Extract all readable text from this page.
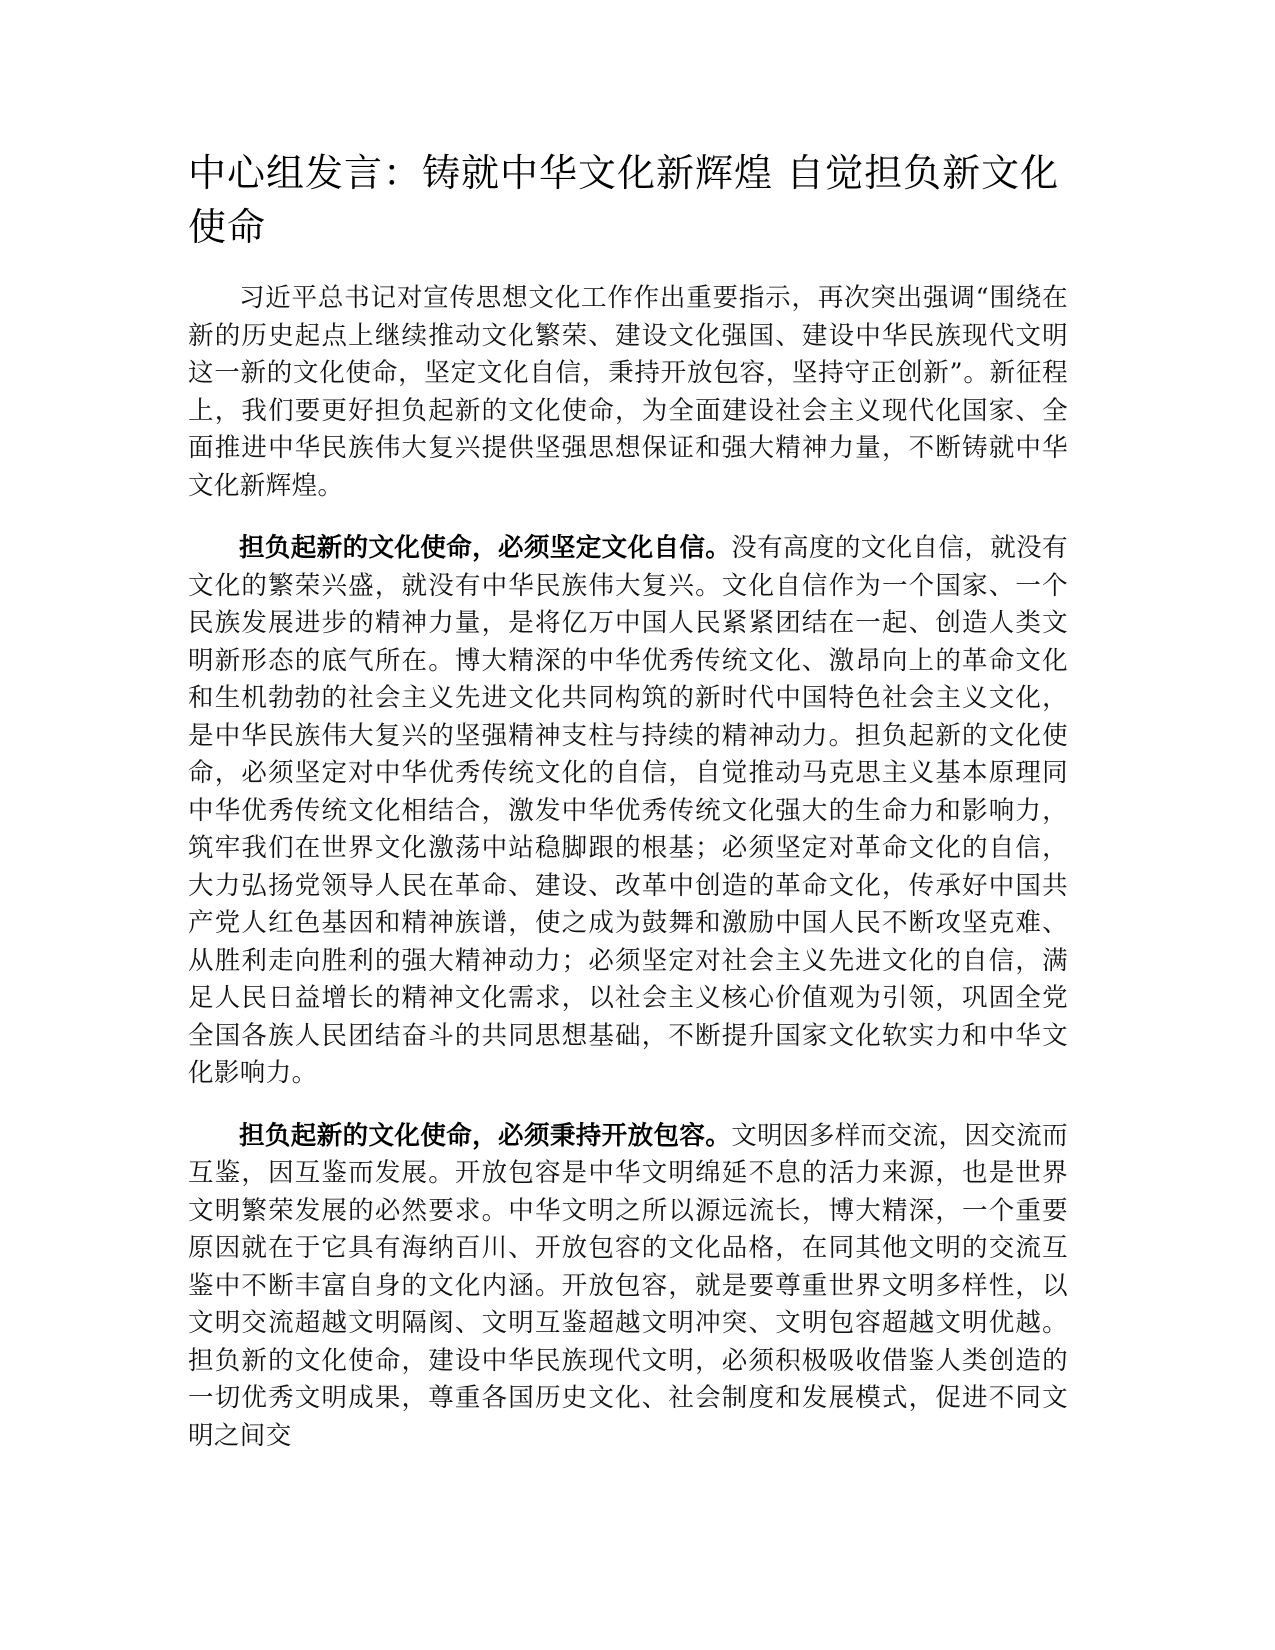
中心组发言：铸就中华文化新辉煌 自觉担负新文化使命

习近平总书记对宣传思想文化工作作出重要指示，再次突出强调“围绕在新的历史起点上继续推动文化繁荣、建设文化强国、建设中华民族现代文明这一新的文化使命，坚定文化自信，秉持开放包容，坚持守正创新”。新征程上，我们要更好担负起新的文化使命，为全面建设社会主义现代化国家、全面推进中华民族伟大复兴提供坚强思想保证和强大精神力量，不断铸就中华文化新辉煌。

担负起新的文化使命，必须坚定文化自信。没有高度的文化自信，就没有文化的繁荣兴盛，就没有中华民族伟大复兴。文化自信作为一个国家、一个民族发展进步的精神力量，是将亿万中国人民紧紧团结在一起、创造人类文明新形态的底气所在。博大精深的中华优秀传统文化、激昂向上的革命文化和生机勃勃的社会主义先进文化共同构筑的新时代中国特色社会主义文化，是中华民族伟大复兴的坚强精神支柱与持续的精神动力。担负起新的文化使命，必须坚定对中华优秀传统文化的自信，自觉推动马克思主义基本原理同中华优秀传统文化相结合，激发中华优秀传统文化强大的生命力和影响力，筑牢我们在世界文化激荡中站稳脚跟的根基；必须坚定对革命文化的自信，大力弘扬党领导人民在革命、建设、改革中创造的革命文化，传承好中国共产党人红色基因和精神族谱，使之成为鼓舞和激励中国人民不断攻坚克难、从胜利走向胜利的强大精神动力；必须坚定对社会主义先进文化的自信，满足人民日益增长的精神文化需求，以社会主义核心价值观为引领，巩固全党全国各族人民团结奋斗的共同思想基础，不断提升国家文化软实力和中华文化影响力。

担负起新的文化使命，必须秉持开放包容。文明因多样而交流，因交流而互鉴，因互鉴而发展。开放包容是中华文明绵延不息的活力来源，也是世界文明繁荣发展的必然要求。中华文明之所以源远流长，博大精深，一个重要原因就在于它具有海纳百川、开放包容的文化品格，在同其他文明的交流互鉴中不断丰富自身的文化内涵。开放包容，就是要尊重世界文明多样性，以文明交流超越文明隔阂、文明互鉴超越文明冲突、文明包容超越文明优越。担负新的文化使命，建设中华民族现代文明，必须积极吸收借鉴人类创造的一切优秀文明成果，尊重各国历史文化、社会制度和发展模式，促进不同文明之间交
